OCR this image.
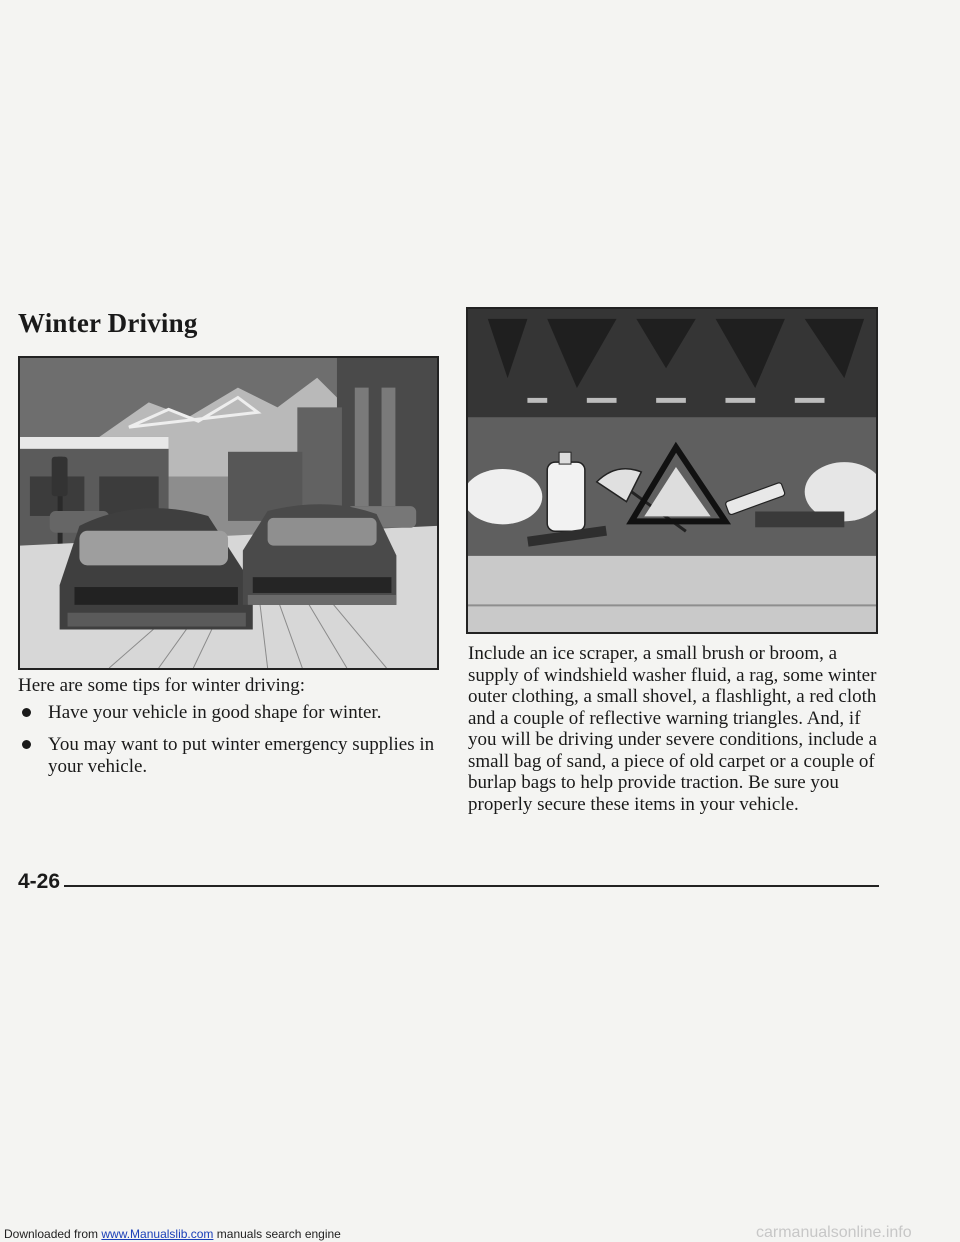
Winter Driving

Here are some tips for winter driving:

Have your vehicle in good shape for winter.
You may want to put winter emergency supplies in your vehicle.

Include an ice scraper, a small brush or broom, a supply of windshield washer fluid, a rag, some winter outer clothing, a small shovel, a flashlight, a red cloth and a couple of reflective warning triangles. And, if you will be driving under severe conditions, include a small bag of sand, a piece of old carpet or a couple of burlap bags to help provide traction. Be sure you properly secure these items in your vehicle.

4-26
Downloaded from www.Manualslib.com manuals search engine	carmanualsonline.info
